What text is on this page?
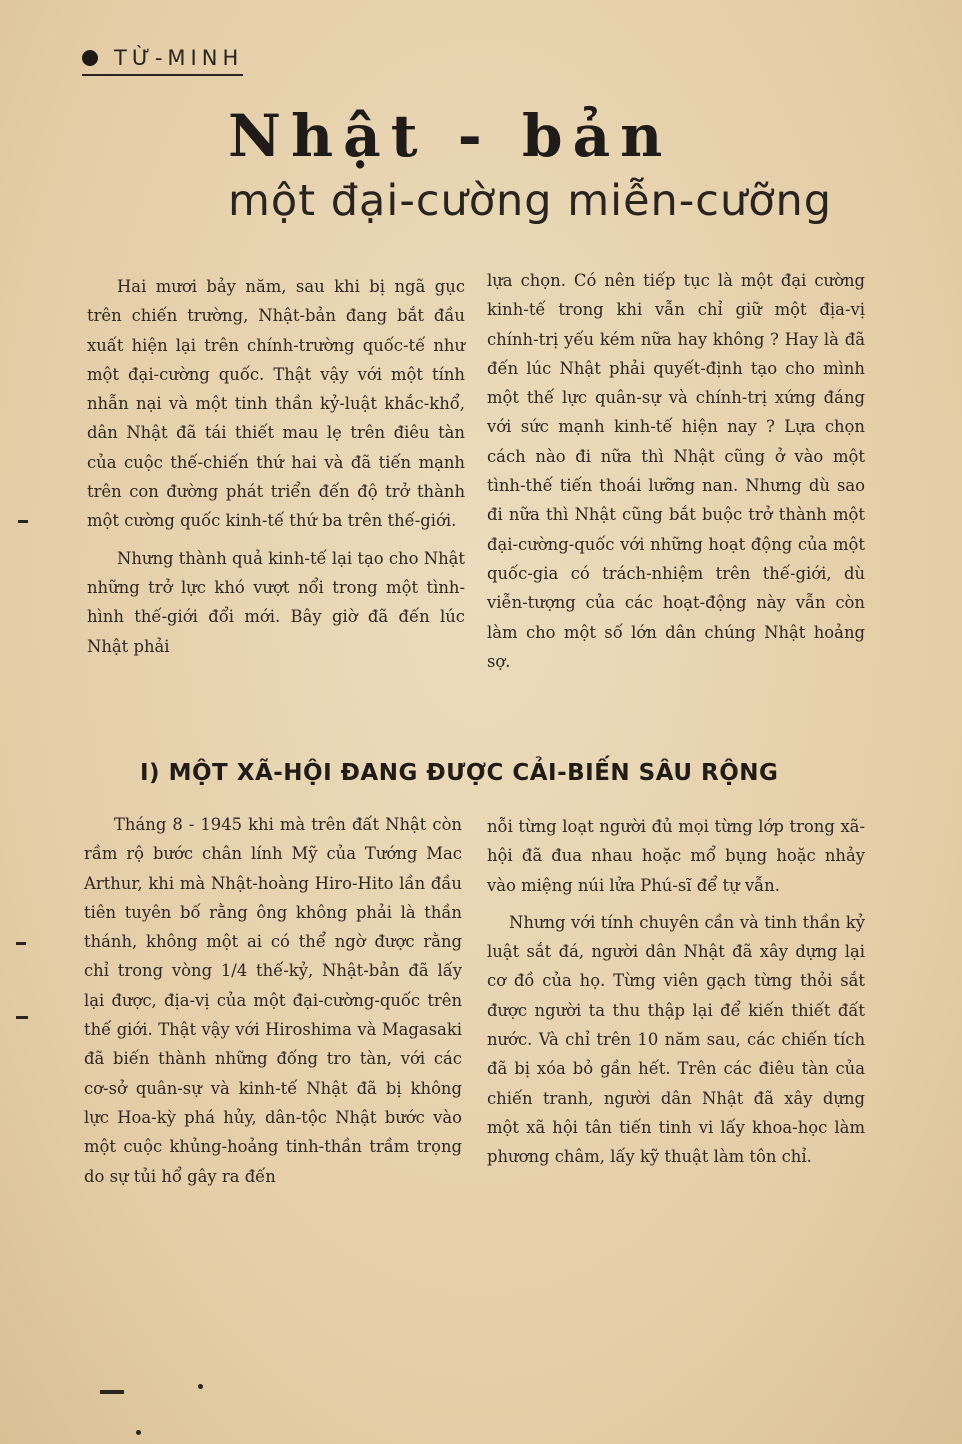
TỪ-MINH
Nhật - bản
một đại-cường miễn-cưỡng

Hai mươi bảy năm, sau khi bị ngã gục trên chiến trường, Nhật-bản đang bắt đầu xuất hiện lại trên chính-trường quốc-tế như một đại-cường quốc. Thật vậy với một tính nhẫn nại và một tinh thần kỷ-luật khắc-khổ, dân Nhật đã tái thiết mau lẹ trên điêu tàn của cuộc thế-chiến thứ hai và đã tiến mạnh trên con đường phát triển đến độ trở thành một cường quốc kinh-tế thứ ba trên thế-giới.

Nhưng thành quả kinh-tế lại tạo cho Nhật những trở lực khó vượt nổi trong một tình-hình thế-giới đổi mới. Bây giờ đã đến lúc Nhật phải

lựa chọn. Có nên tiếp tục là một đại cường kinh-tế trong khi vẫn chỉ giữ một địa-vị chính-trị yếu kém nữa hay không ? Hay là đã đến lúc Nhật phải quyết-định tạo cho mình một thế lực quân-sự và chính-trị xứng đáng với sức mạnh kinh-tế hiện nay ? Lựa chọn cách nào đi nữa thì Nhật cũng ở vào một tình-thế tiến thoái lưỡng nan. Nhưng dù sao đi nữa thì Nhật cũng bắt buộc trở thành một đại-cường-quốc với những hoạt động của một quốc-gia có trách-nhiệm trên thế-giới, dù viễn-tượng của các hoạt-động này vẫn còn làm cho một số lớn dân chúng Nhật hoảng sợ.

I) MỘT XÃ-HỘI ĐANG ĐƯỢC CẢI-BIẾN SÂU RỘNG

Tháng 8 - 1945 khi mà trên đất Nhật còn rầm rộ bước chân lính Mỹ của Tướng Mac Arthur, khi mà Nhật-hoàng Hiro-Hito lần đầu tiên tuyên bố rằng ông không phải là thần thánh, không một ai có thể ngờ được rằng chỉ trong vòng 1/4 thế-kỷ, Nhật-bản đã lấy lại được, địa-vị của một đại-cường-quốc trên thế giới. Thật vậy với Hiroshima và Magasaki đã biến thành những đống tro tàn, với các cơ-sở quân-sự và kinh-tế Nhật đã bị không lực Hoa-kỳ phá hủy, dân-tộc Nhật bước vào một cuộc khủng-hoảng tinh-thần trầm trọng do sự tủi hổ gây ra đến

nỗi từng loạt người đủ mọi từng lớp trong xã-hội đã đua nhau hoặc mổ bụng hoặc nhảy vào miệng núi lửa Phú-sĩ để tự vẫn.

Nhưng với tính chuyên cần và tinh thần kỷ luật sắt đá, người dân Nhật đã xây dựng lại cơ đồ của họ. Từng viên gạch từng thỏi sắt được người ta thu thập lại để kiến thiết đất nước. Và chỉ trên 10 năm sau, các chiến tích đã bị xóa bỏ gần hết. Trên các điêu tàn của chiến tranh, người dân Nhật đã xây dựng một xã hội tân tiến tinh vi lấy khoa-học làm phương châm, lấy kỹ thuật làm tôn chỉ.
